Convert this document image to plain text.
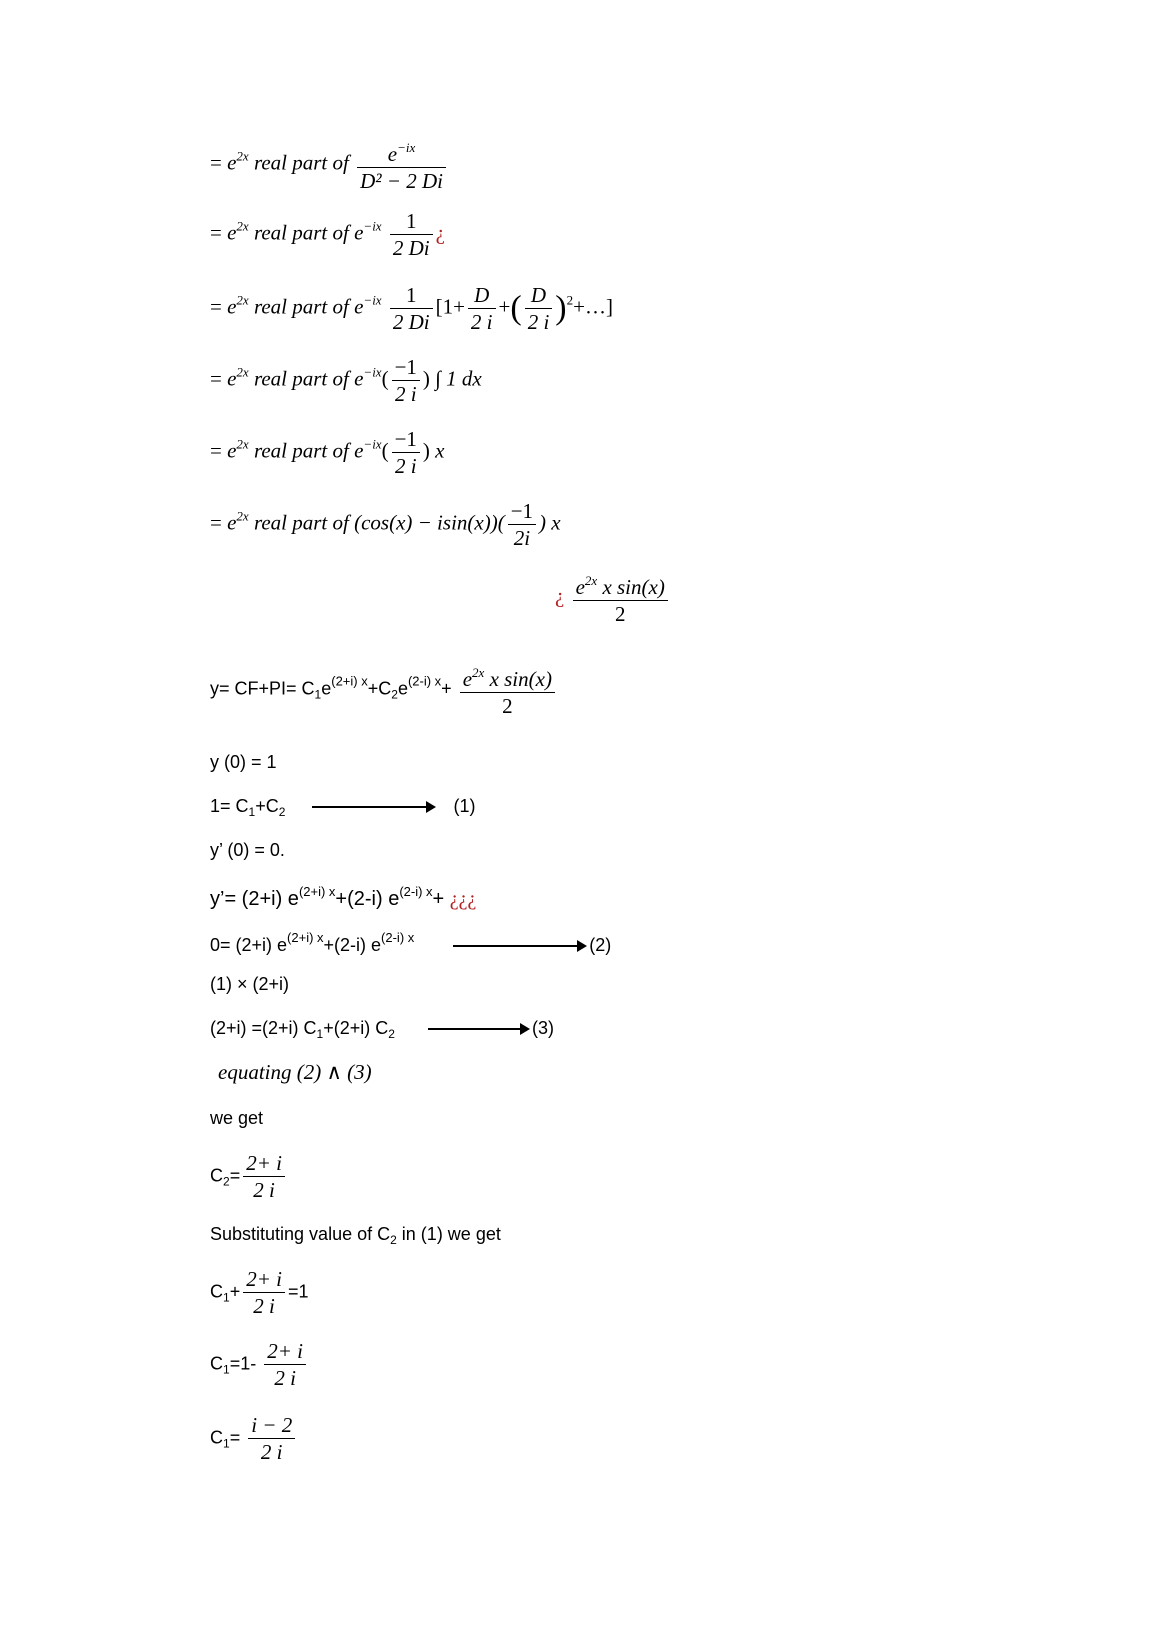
= $e^{2x}$ real part of $\frac{e^{-ix}}{\text{D² − 2 Di}}$
= $e^{2x}$ real part of $e^{-ix} \frac{1}{2 Di}$ ¿
= $e^{2x}$ real part of $e^{-ix} \frac{1}{2 Di} [1+ \frac{D}{2 i}$ +( $\frac{D}{2 i}$ )$^2$+…]
= $e^{2x}$ real part of $e^{-ix}( \frac{-1}{2 i}$ ) ∫ 1 dx
= $e^{2x}$ real part of $e^{-ix}( \frac{-1}{2 i}$ ) x
= $e^{2x}$ real part of $(\cos(x) - isin(x))( \frac{-1}{2i}$ ) x
¿ $\frac{e^{2x} x \sin(x)}{2}$
$y= CF+PI= C_1e^{(2+i) x}+C_2e^{(2-i) x}+ \frac{e^{2x} x \sin(x)}{2}$
y (0) = 1
$1= C_1+C_2$	(1)
y’ (0) = 0.
y’= (2+i) $e^{(2+i) x}+(2-i)$ $e^{(2-i) x}+$ ¿¿¿
0= (2+i) $e^{(2+i) x}+(2-i)$ $e^{(2-i) x}$	(2)
(1) × (2+i)
(2+i) =(2+i) $C_1+(2+i)$ $C_2$	(3)
equating (2) ∧ (3)
we get
$C_2= \frac{2+ i}{2 i}$
Substituting value of $C_2$ in (1) we get
$C_1+ \frac{2+ i}{2 i} =1$
$C_1=1- \frac{2+ i}{2 i}$
$C_1= \frac{i - 2}{2 i}$
